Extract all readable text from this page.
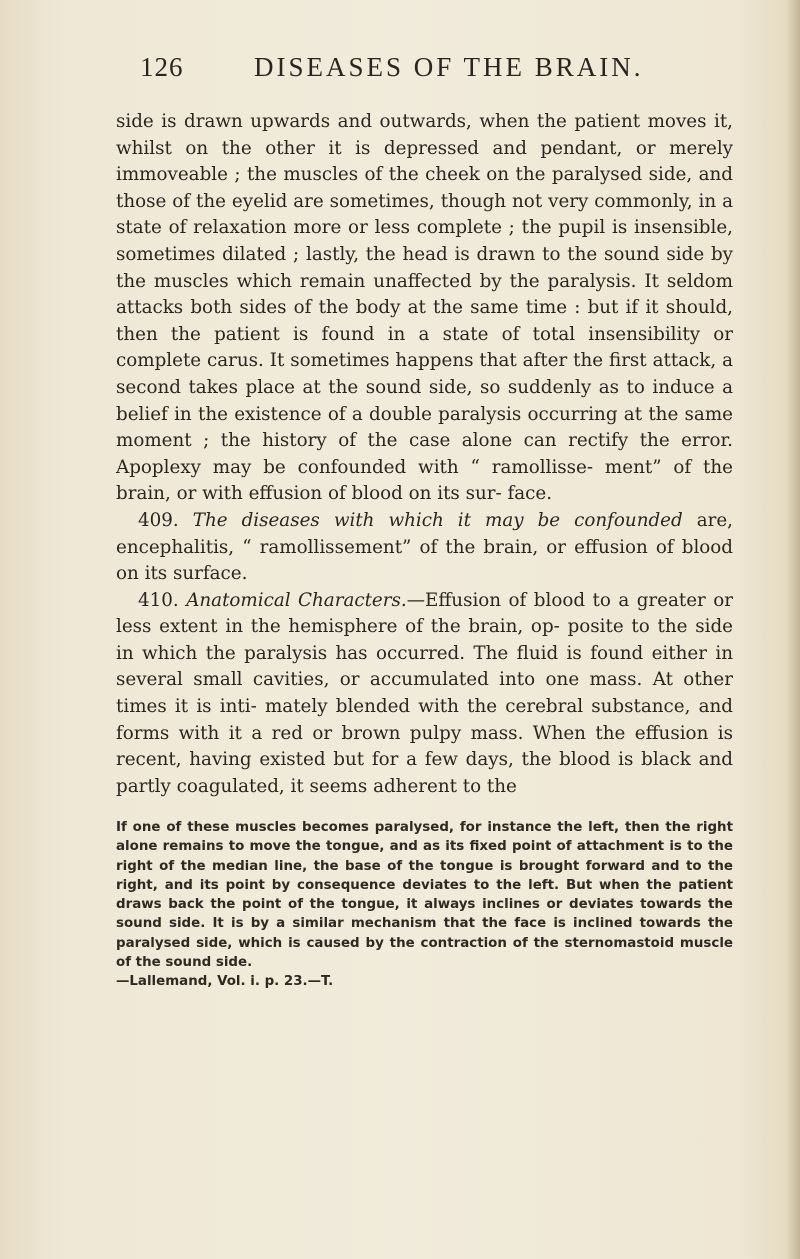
126	DISEASES OF THE BRAIN.

side is drawn upwards and outwards, when the patient moves it, whilst on the other it is depressed and pendant, or merely immoveable ; the muscles of the cheek on the paralysed side, and those of the eyelid are sometimes, though not very commonly, in a state of relaxation more or less complete ; the pupil is insensible, sometimes dilated ; lastly, the head is drawn to the sound side by the muscles which remain unaffected by the paralysis. It seldom attacks both sides of the body at the same time : but if it should, then the patient is found in a state of total insensibility or complete carus. It sometimes happens that after the first attack, a second takes place at the sound side, so suddenly as to induce a belief in the existence of a double paralysis occurring at the same moment ; the history of the case alone can rectify the error. Apoplexy may be confounded with “ ramollisse- ment” of the brain, or with effusion of blood on its sur- face.

409. The diseases with which it may be confounded are, encephalitis, “ ramollissement” of the brain, or effusion of blood on its surface.

410. Anatomical Characters.—Effusion of blood to a greater or less extent in the hemisphere of the brain, op- posite to the side in which the paralysis has occurred. The fluid is found either in several small cavities, or accumulated into one mass. At other times it is inti- mately blended with the cerebral substance, and forms with it a red or brown pulpy mass. When the effusion is recent, having existed but for a few days, the blood is black and partly coagulated, it seems adherent to the

If one of these muscles becomes paralysed, for instance the left, then the right alone remains to move the tongue, and as its fixed point of attachment is to the right of the median line, the base of the tongue is brought forward and to the right, and its point by consequence deviates to the left. But when the patient draws back the point of the tongue, it always inclines or deviates towards the sound side. It is by a similar mechanism that the face is inclined towards the paralysed side, which is caused by the contraction of the sternomastoid muscle of the sound side.

—Lallemand, Vol. i. p. 23.—T.
